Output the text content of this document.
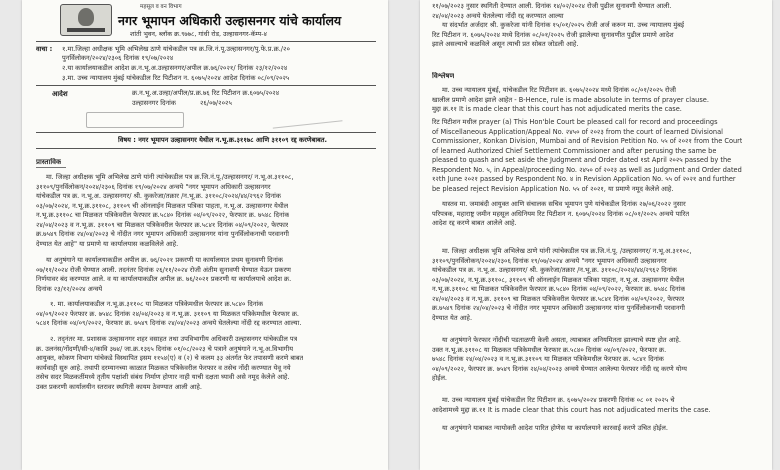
महसूल व वन विभाग
नगर भूमापन अधिकारी उल्हासनगर यांचे कार्यालय
शांती भुवन, ब्लॉक क्र.९७७८, गांधी रोड, उल्हासनगर-कॅम्प-४
वाचा : १.मा.जिल्हा अधीक्षक भूमि अभिलेख ठाणे यांचेकडील पत्र क्र.जि.नं.पू.उल्हासनगर/पु.फे.प्र.क्र./२०
पुनर्विलोकन/२०२४/२३०६ दिनांक १९/०७/२०२४
२.या कार्यालयाकडील आदेश क्र.न.भू.अ.उल्हासनगर/अपील क्र.७६/२०२१/ दिनांक २३/१२/२०२४
३.मा. उच्च न्यायालय मुंबई यांचेकडील रिट पिटीशन न. ६०७५/२०२४ आदेश दिनांक ०८/०९/२०२५
आदेश	क्र.न.भू.अ.उल्हा/अपील/प्र.क्र.७६ रिट पिटीशन क्र.६०७५/२०२४
उल्हासनगर दिनांक	२६/०७/२०२५
विषय : नगर भूमापन उल्हासनगर येथील न.भू.क्र.३११७८ आणि ३११०९ रद्द करणेबाबत.
प्रास्ताविक
मा. जिल्हा अधीक्षक भूमि अभिलेख ठाणे यांनी त्यांचेकडील पत्र क्र.जि.नं.पू./उल्हासनगर/ न.भू.अ.३११०८,
३११०९/पुनर्विलोकन/२०२४/२३०६ दिनांक १९/०७/२०२४ अन्वये "नगर भूमापन अधिकारी उल्हासनगर
यांचेकडील पत्र क्र. न.भू.अ. उल्हासनगर/ श्री. कुकरेजा/तक्रार /न.भू.क्र. ३११०८/२०२४/४४/२९६२ दिनांक
०३/०७/२०२४, न.भू.क्र.३११०८, ३११०९ ची ऑनलाईन मिळकत पत्रिका पाहता, न.भू.अ. उल्हासनगर येथील
न.भू.क्र.३११०८ चा मिळकत पत्रिकेवरील फेरफार क्र.५८४० दिनांक ०४/०९/२०२२, फेरफार क्र. ७५४८ दिनांक
२४/०४/२०२३ व न.भू.क्र. ३११०९ चा मिळकत पत्रिकेवरील फेरफार क्र.५८४१ दिनांक ०४/०९/२०२२, फेरफार
क्र.७५४९ दिनांक २४/०४/२०२३ चे नोंदीत नगर भूमापन अधिकारी उल्हासनगर यांना पुनर्विलोकनाची परवानगी
देण्यात येत आहे" या प्रमाणे या कार्यालयास कळविलेले आहे.
या अनुषंगाने या कार्यालयाकडील अपील क्र. ७६/२०२१ प्रकरणी या कार्यालयात प्रथम सुनावणी दिनांक
०७/११/२०२४ रोजी घेण्यात आली. तदनंतर दिनांक २६/११/२०२४ रोजी अंतीम सुनावणी घेण्यात येऊन प्रकरण
निर्णयावर बंद करण्यात आले. व या कार्यालयाकडील अपील क्र. ७६/२०२१ प्रकरणी या कार्यालयाचे आदेश क्र.
दिनांक २३/१२/२०२४ अन्वये
१. मा. कार्यालयाकडील न.भू.क्र.३११०८ या मिळकत पत्रिकेमधील फेरफार क्र.५८४० दिनांक
०४/०९/२०२२ फेरफार क्र. ७५४८ दिनांक २४/०४/२०२३ व न.भू.क्र. ३११०९ या मिळकत पत्रिकेमधील फेरफार क्र.
५८४१ दिनांक ०४/०९/२०२२, फेरफार क्र. ७५४९ दिनांक २४/०४/२०२३ अन्वये घेतलेल्या नोंदी रद्द करण्यात आल्या.
२. तद्नंतर मा. प्रशासक उल्हासनगर शहर वसाहत तथा उपविभागीय अधिकारी उल्हासनगर यांचेकडील पत्र
क्र. उलनंस/नोंदणी/सी-४/कावि ३७४/ जा.क्र.१३६५ दिनांक ०१/०८/२०२३ चे पत्राने अनुषंगाने न.भू.अ.विभागीय
आयुक्त, कोकण विभाग यांचेकडे विस्थापित इसम ११५४(ए) व (२) चे कलम ३३ अंतर्गत फेर तपासणी करणे बाबत
कार्यवाही सुरु आहे. तथापी दरम्यानच्या काळात मिळकत पत्रिकेवरील फेरफार व तसेच नोंदी करण्यात येवू नये
तसेच सदर मिळकतींमध्ये तृतीय पक्षांशी संबंध निर्माण होणार नाही याची दक्षता घ्यावी असे नमूद केलेले आहे.
उक्त प्रकरणी कार्यालयीन स्तरावर स्थगिती कायम ठेवण्यात आली आहे.
११/०७/२०२३ नुसार स्थगिती देण्यात आली. दिनांक १४/०२/२०२४ रोजी पुढील सुनावणी घेण्यात आली.
२४/०४/२०२३ अन्वये घेतलेल्या नोंदी रद्द करण्यात आल्या
या संदर्भात अर्जदार श्री. कुकरेजा यांनी दिनांक १५/०१/२०२५ रोजी अर्ज करून मा. उच्च न्यायालय मुंबई
रिट पिटीशन न. ६०७५/२०२४ मध्ये दिनांक ०८/०१/२०२५ रोजी झालेल्या सुनावणीत पुढील प्रमाणे आदेश
झाले असल्याचे कळविले असून त्याची प्रत सोबत जोडली आहे.
विश्लेषण
मा. उच्च न्यायालय मुंबई, यांचेकडील रिट पिटीशन क्र. ६०७५/२०२४ मध्ये दिनांक ०८/०१/२०२५ रोजी
खालील प्रमाणे आदेश झाले आहेत - B-Hence, rule is made absolute in terms of prayer clause.
मुद्दा क्र.११ It is made clear that this court has not adjudicated merits the case.
रिट पिटीशन मधील prayer (a) This Hon'ble Court be pleased call for record and proceedings
of Miscellaneous Application/Appeal No. २४५० of २०२३ from the court of learned Divisional
Commissioner, Konkan Division, Mumbai and of Revision Petition No. ५५ of २०२१ from the Court
of learned Authorized Chief Settlement Commissioner and after perusing the same be
pleased to quash and set aside the Judgment and Order dated १st April २०२५ passed by the
Respondent No. ५, in Appeal/proceeding No. २४५० of २०२३ as well as Judgment and Order dated
१२th June २०२१ passed by Respondent No. ४ in Revision Application No. ५५ of २०२१ and further
be pleased reject Revision Application No. ५५ of २०२१, या प्रमाणे नमूद केलेले आहे.
यास्तव मा. जमाबंदी आयुक्त आणि संचालक सचिव भूमापन पुणे यांचेकडील दिनांक २७/०६/२०२२ नुसार
परिपत्रक, महाराष्ट्र जमीन महसूल अधिनियम रिट पिटीशन न. ६०७५/२०२४ दिनांक ०८/०१/२०२५ अन्वये पारित
आदेश रद्द करणे बाबत आलेले आहे.
मा. जिल्हा अधीक्षक भूमि अभिलेख ठाणे यांनी त्यांचेकडील पत्र क्र.जि.नं.पू. /उल्हासनगर/ न.भू.अ.३११०८,
३११०९/पुनर्विलोकन/२०२४/२३०६ दिनांक १९/०७/२०२४ अन्वये "नगर भूमापन अधिकारी उल्हासनगर
यांचेकडील पत्र क्र. न.भू.अ. उल्हासनगर/ श्री. कुकरेजा/तक्रार /न.भू.क्र. ३११०८/२०२४/४४/२९६२ दिनांक
०३/०७/२०२४, न.भू.क्र.३११०८, ३११०९ ची ऑनलाईन मिळकत पत्रिका पाहता, न.भू.अ. उल्हासनगर येथील
न.भू.क्र.३११०८ चा मिळकत पत्रिकेवरील फेरफार क्र.५८४० दिनांक ०४/०९/२०२२, फेरफार क्र. ७५४८ दिनांक
२४/०४/२०२३ व न.भू.क्र. ३११०९ चा मिळकत पत्रिकेवरील फेरफार क्र.५८४१ दिनांक ०४/०९/२०२२, फेरफार
क्र.७५४९ दिनांक २४/०४/२०२३ चे नोंदीत नगर भूमापन अधिकारी उल्हासनगर यांना पुनर्विलोकनाची परवानगी
देण्यात येत आहे.
या अनुषंगाने फेरफार नोंदीची पडताळणी केली असता, त्याबाबत अनियमितता झाल्याचे स्पष्ट होत आहे.
उक्त न.भू.क्र.३११०८ या मिळकत पत्रिकेमधील फेरफार क्र.५८४० दिनांक ०४/०९/२०२२, फेरफार क्र.
७५४८ दिनांक २४/०४/२०२३ व न.भू.क्र.३११०९ या मिळकत पत्रिकेमधील फेरफार क्र. ५८४१ दिनांक
०४/०९/२०२२, फेरफार क्र. ७५४९ दिनांक २४/०४/२०२३ अन्वये घेण्यात आलेल्या फेरफार नोंदी रद्द करणे योग्य
होईल.
मा. उच्च न्यायालय मुंबई यांचेकडील रिट पिटीशन क्र. ६०७५/२०२४ प्रकरणी दिनांक ०८ ०१ २०२५ चे
आदेशामध्ये मुद्दा क्र.११ It is made clear that this court has not adjudicated merits the case.
या अनुषंगाने याबाबत न्यायोक्ती आदेश पारित होणेस या कार्यालयाने कारवाई करणे उचित होईल.
